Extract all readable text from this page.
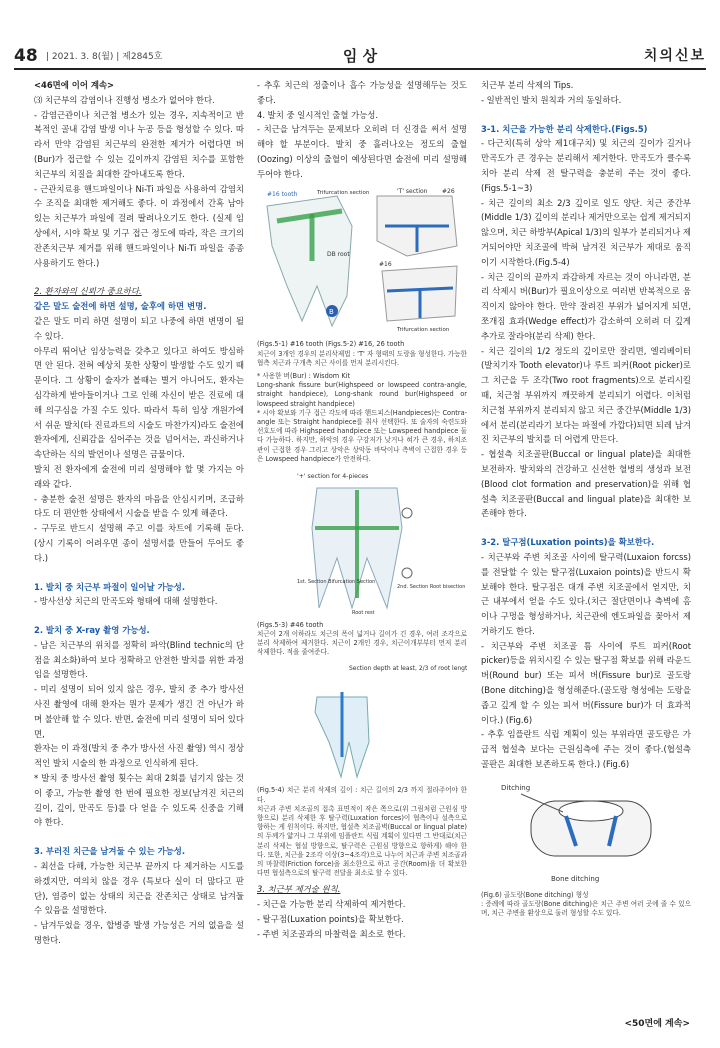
48 | 2021. 3. 8(월) | 제2845호	임 상	치의신보

<46면에 이어 계속>

⑶ 치근부의 감염이나 진행성 병소가 없어야 한다.

- 감염근관이나 치근첨 병소가 있는 경우, 지속적이고 반복적인 골내 감염 발생 이나 누공 등을 형성할 수 있다. 따라서 만약 감염된 치근부의 완전한 제거가 어렵다면 버(Bur)가 접근할 수 있는 깊이까지 감염된 치수를 포함한 치근부의 치질을 최대한 갈아내도록 한다.

- 근관치료용 핸드파일이나 Ni-Ti 파일을 사용하여 감염치수 조직을 최대한 제거해도 좋다. 이 과정에서 간혹 남아있는 치근부가 파일에 걸려 딸려나오기도 한다. (실제 임상에서, 시야 확보 및 기구 접근 정도에 따라, 작은 크기의 잔존치근부 제거를 위해 핸드파일이나 Ni-Ti 파일을 종종 사용하기도 한다.)

2. 환자와의 신뢰가 중요하다.

같은 말도 술전에 하면 설명, 술후에 하면 변명.

같은 말도 미리 하면 설명이 되고 나중에 하면 변명이 될 수 있다.

아무리 뛰어난 임상능력을 갖추고 있다고 하여도 방심하면 안 된다. 전혀 예상치 못한 상황이 발생할 수도 있기 때문이다. 그 상황이 술자가 볼때는 별거 아니어도, 환자는 심각하게 받아들이거나 그로 인해 자신이 받은 진료에 대해 의구심을 가질 수도 있다. 따라서 특히 임상 개원가에서 쉬운 발치(타 진료과트의 시술도 마찬가지)라도 술전에 환자에게, 신뢰감을 심어주는 것을 넘어서는, 과신하거나 속단하는 식의 발언이나 설명은 금물이다.

발치 전 환자에게 술전에 미리 설명해야 할 몇 가지는 아래와 같다.

- 충분한 술전 설명은 환자의 마음을 안심시키며, 조급하다도 더 편안한 상태에서 시술을 받을 수 있게 해준다.

- 구두로 반드시 설명해 주고 이를 차트에 기록해 둔다. (상시 기록이 어려우면 종이 설명서를 만들어 두어도 좋다.)

1. 발치 중 치근부 파절이 일어날 가능성.

- 방사선상 치근의 만곡도와 형태에 대해 설명한다.

2. 발치 중 X-ray 촬영 가능성.

- 남은 치근부의 위치를 정확히 파악(Blind technic의 단점을 최소화)하여 보다 정확하고 안전한 발치를 위한 과정임을 설명한다.

- 미리 설명이 되어 있지 않은 경우, 발치 중 추가 방사선 사진 촬영에 대해 환자는 뭔가 문제가 생긴 건 아닌가 하며 불안해 할 수 있다. 반면, 술전에 미리 설명이 되어 있다면,

환자는 이 과정(발치 중 추가 방사선 사진 촬영) 역시 정상적인 발치 시술의 한 과정으로 인식하게 된다.

* 발치 중 방사선 촬영 횟수는 최대 2회를 넘기지 않는 것이 좋고, 가능한 촬영 한 번에 필요한 정보(남겨진 치근의 길이, 깊이, 만곡도 등)를 다 얻을 수 있도록 신중을 기해야 한다.

3. 부러진 치근을 남겨둘 수 있는 가능성.

- 최선을 다해, 가능한 치근부 끝까지 다 제거하는 시도를 하겠지만, 여의치 않을 경우 (특보다 실이 더 많다고 판단), 염증이 없는 상태의 치근을 잔존치근 상태로 남겨둘 수 있음을 설명한다.

- 남겨두었을 경우, 합병증 발생 가능성은 거의 없음을 설명한다.

- 추후 치근의 정출이나 흡수 가능성을 설명해두는 것도 좋다.

4. 발치 중 일시적인 출혈 가능성.

- 치근을 남겨두는 문제보다 오히려 더 신경을 써서 설명해야 할 부분이다. 발치 중 흘러나오는 정도의 출혈(Oozing) 이상의 출혈이 예상된다면 술전에 미리 설명해두어야 한다.

B
#16 tooth	Trifurcation section
DB root
'T' section #26
#16
Trifurcation section

(Figs.5-1) #16 tooth (Figs.5-2) #16, 26 tooth

치근이 3개인 경우의 분리삭제법 : 'T' 자 형태의 도랑을 형성한다. 가능한 협측 치근과 구개측 치근 사이를 먼저 분리시킨다.

* 사용한 버(Bur) : Wisdom Kit

Long-shank fissure bur(Highspeed or lowspeed contra-angle, straight handpiece), Long-shank round bur(Highspeed or lowspeed straight handpiece)

* 시야 확보와 기구 접근 각도에 따라 핸드피스(Handpieces)는 Contra-angle 또는 Straight handpiece를 취사 선택한다. 또 술자의 숙련도와 선호도에 따라 Highspeed handpiece 또는 Lowspeed handpiece 둘 다 가능하다. 하지만, 하악의 경우 구강저가 낮거나 혀가 큰 경우, 하치조관이 근접한 경우 그리고 상악은 상악동 바닥이나 측벽이 근접한 경우 등은 Lowspeed handpiece가 안전하다.

'+' section for 4-pieces
1st. Section Bifurcation Section
2nd. Section Root bisection
Root rest

(Figs.5-3) #46 tooth

치근이 2개 이하라도 치근의 폭이 넓거나 길이가 긴 경우, 여러 조각으로 분리 삭제하여 제거한다. 치근이 2개인 경우, 치근이개부부터 먼저 분리 삭제한다. 적을 줄여준다.

Section depth at least, 2/3 of root length

(Fig.5-4) 치근 분리 삭제의 깊이 : 치근 길이의 2/3 까지 절라주어야 한다.

치근과 주변 치조골의 접촉 표면적이 작은 쪽으로(위 그림처럼 근원심 방향으로) 분리 삭제한 후 탈구력(Luxation forces)이 협측이나 설측으로 향하는 게 원칙이다. 하지만, 협설측 치조골벽(Buccal or lingual plate)의 두께가 얇거나 그 부위에 임플란트 식립 계획이 있다면 그 반대로(치근 분리 삭제는 협설 방향으로, 탈구력은 근원심 방향으로 향하게) 해야 한다. 또한, 치근을 2조각 이상(3~4조각)으로 나누어 치근과 주변 치조골과의 마찰력(Friction force)을 최소한으로 하고 공간(Room)을 더 확보한다면 협설측으로의 탈구력 전달을 최소로 할 수 있다.

3. 치근부 제거술 원칙.

- 치근을 가능한 분리 삭제하여 제거한다.

- 탈구점(Luxation points)을 확보한다.

- 주변 치조골과의 마찰력을 최소로 한다.

치근부 분리 삭제의 Tips.

- 일반적인 발치 원칙과 거의 동일하다.

3-1. 치근을 가능한 분리 삭제한다.(Figs.5)

- 다근치(특히 상악 제1대구치) 및 치근의 길이가 길거나 만곡도가 큰 경우는 분리해서 제거한다. 만곡도가 클수록 치아 분리 삭제 전 탈구력을 충분히 주는 것이 좋다.(Figs.5-1~3)

- 치근 길이의 최소 2/3 깊이로 일도 양단. 치근 중간부(Middle 1/3) 깊이의 분리나 제거만으로는 쉽게 제거되지 않으며, 치근 하방부(Apical 1/3)의 일부가 분리되거나 제거되어야만 치조골에 박혀 남겨진 치근부가 제대로 움직이기 시작한다.(Fig.5-4)

- 치근 길이의 끝까지 과감하게 자르는 것이 아니라면, 분리 삭제시 버(Bur)가 필요이상으로 여러번 반복적으로 움직이지 않아야 한다. 만약 잘려진 부위가 넓어지게 되면, 쪼개짐 효과(Wedge effect)가 감소하여 오히려 더 깊게 추가로 잘라야(분리 삭제) 한다.

- 치근 길이의 1/2 정도의 깊이로만 잘리면, 엘리베이터(발치기자 Tooth elevator)나 루트 피커(Root picker)로 그 치근을 두 조각(Two root fragments)으로 분리시킬 때, 치근첨 부위까지 깨끗하게 분리되기 어렵다. 이처럼 치근첨 부위까지 분리되지 않고 치근 중간부(Middle 1/3)에서 분리(분리라기 보다는 파절에 가깝다)되면 되레 남겨진 치근부의 발치를 더 어렵게 만든다.

- 협설측 치조골판(Buccal or lingual plate)을 최대한 보전하자. 발치와의 건강하고 신선한 혈병의 생성과 보전(Blood clot formation and preservation)을 위해 협설측 치조골판(Buccal and lingual plate)을 최대한 보존해야 한다.

3-2. 탈구점(Luxation points)을 확보한다.

- 치근부와 주변 치조골 사이에 탈구력(Luxaion forcss)를 전달할 수 있는 탈구점(Luxaion points)을 반드시 확보해야 한다. 탈구점은 대개 주변 치조골에서 얻지만, 치근 내부에서 얻을 수도 있다.(치근 절단면이나 측벽에 홈이나 구멍을 형성하거나, 치근관에 엔도파일을 꽂아서 제거하기도 한다.

- 치근부와 주변 치조골 틈 사이에 루트 피커(Root picker)등을 위치시킬 수 있는 탈구점 확보를 위해 라운드 버(Round bur) 또는 피셔 버(Fissure bur)로 골도랑(Bone ditching)을 형성해준다.(골도랑 형성에는 도랑을 좁고 깊게 할 수 있는 피셔 버(Fissure bur)가 더 효과적이다.) (Fig.6)

- 추후 임플란트 식립 계획이 있는 부위라면 골도랑은 가급적 협설측 보다는 근원심측에 주는 것이 좋다.(협설측 골판은 최대한 보존하도록 한다.) (Fig.6)

Ditching
Bone ditching

(Fig.6) 골도랑(Bone ditching) 형성

: 증례에 따라 골도랑(Bone ditching)은 치근 주변 여러 곳에 줄 수 있으며, 치근 주변을 환상으로 둘러 형성할 수도 있다.

<50면에 계속>
